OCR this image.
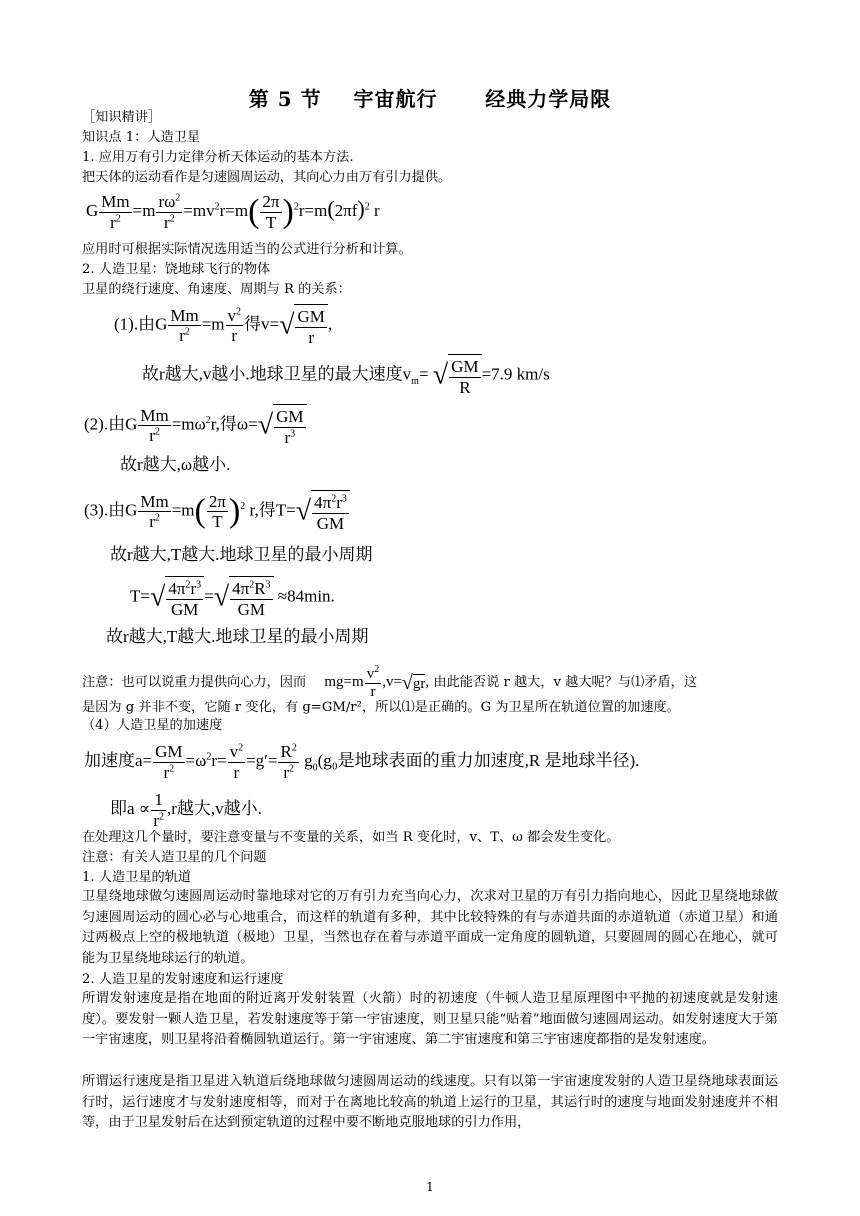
第 5 节    宇宙航行      经典力学局限
［知识精讲］
知识点 1：人造卫星
1. 应用万有引力定律分析天体运动的基本方法.
把天体的运动看作是匀速圆周运动，其向心力由万有引力提供。
G $\frac{Mm}{r^2} =m \frac{r\omega^2}{r^2} =mv^2r=m( \frac{2\pi}{T} )^2r=m(2\pi f)^2$ r
应用时可根据实际情况选用适当的公式进行分析和计算。
2. 人造卫星：饶地球飞行的物体
卫星的绕行速度、角速度、周期与 R 的关系：
(1).由G $\frac{Mm}{r^2} =m \frac{v^2}{r}$ 得$v=√ \frac{GM}{r}$ ,
故r越大,v越小.地球卫星的最大速度$v_m=$ √ $\frac{GM}{R} =7.9$ km/s
(2).由G $\frac{Mm}{r^2} =m\omega^2r$,得$\omega=√ \frac{GM}{r^3}$
故r越大,ω越小.
(3).由G $\frac{Mm}{r^2} =m( \frac{2\pi}{T} )^2$ r,得$T=√ \frac{4\pi^2r^3}{GM}$
故r越大,T越大.地球卫星的最小周期
$T=√ \frac{4\pi^2r^3}{GM}$ =√ $\frac{4\pi^2R^3}{GM} \approx 84\min$.
故r越大,T越大.地球卫星的最小周期
注意：也可以说重力提供向心力，因而 $mg=m \frac{v^2}{r} ,v=√gr$, 由此能否说 r 越大，v 越大呢？与⑴矛盾，这
是因为 g 并非不变，它随 r 变化，有 g=GM/r²，所以⑴是正确的。G 为卫星所在轨道位置的加速度。
（4）人造卫星的加速度
加速度$a= \frac{GM}{r^2} =\omega^2r= \frac{v^2}{r} =g'= \frac{R^2}{r^2} g_0(g_0$是地球表面的重力加速度,R 是地球半径).
即$a \propto \frac{1}{r^2} ,r$越大,v越小.
在处理这几个量时，要注意变量与不变量的关系，如当 R 变化时，v、T、ω 都会发生变化。
注意：有关人造卫星的几个问题
1. 人造卫星的轨道
卫星绕地球做匀速圆周运动时靠地球对它的万有引力充当向心力，次求对卫星的万有引力指向地心，因此卫星绕地球做匀速圆周运动的圆心必与心地重合，而这样的轨道有多种，其中比较特殊的有与赤道共面的赤道轨道（赤道卫星）和通过两极点上空的极地轨道（极地）卫星，当然也存在着与赤道平面成一定角度的圆轨道，只要圆周的圆心在地心，就可能为卫星绕地球运行的轨道。
2. 人造卫星的发射速度和运行速度
所谓发射速度是指在地面的附近离开发射装置（火箭）时的初速度（牛顿人造卫星原理图中平抛的初速度就是发射速度）。要发射一颗人造卫星，若发射速度等于第一宇宙速度，则卫星只能“贴着”地面做匀速圆周运动。如发射速度大于第一宇宙速度，则卫星将沿着椭圆轨道运行。第一宇宙速度、第二宇宙速度和第三宇宙速度都指的是发射速度。
所谓运行速度是指卫星进入轨道后绕地球做匀速圆周运动的线速度。只有以第一宇宙速度发射的人造卫星绕地球表面运行时，运行速度才与发射速度相等，而对于在离地比较高的轨道上运行的卫星，其运行时的速度与地面发射速度并不相等，由于卫星发射后在达到预定轨道的过程中要不断地克服地球的引力作用，
1
